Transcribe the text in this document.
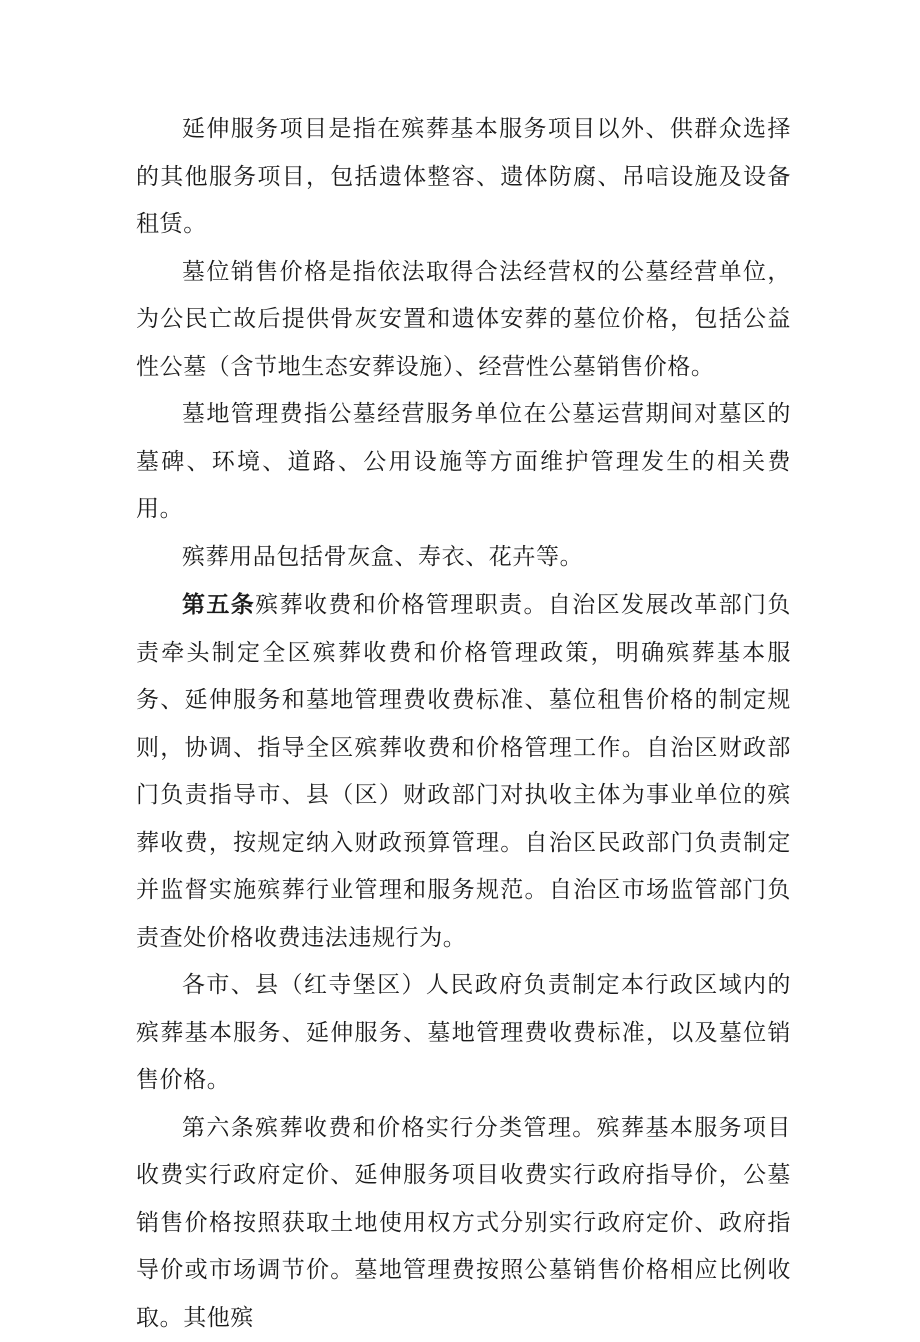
延伸服务项目是指在殡葬基本服务项目以外、供群众选择的其他服务项目，包括遗体整容、遗体防腐、吊唁设施及设备租赁。

墓位销售价格是指依法取得合法经营权的公墓经营单位，为公民亡故后提供骨灰安置和遗体安葬的墓位价格，包括公益性公墓（含节地生态安葬设施）、经营性公墓销售价格。

墓地管理费指公墓经营服务单位在公墓运营期间对墓区的墓碑、环境、道路、公用设施等方面维护管理发生的相关费用。

殡葬用品包括骨灰盒、寿衣、花卉等。

第五条殡葬收费和价格管理职责。自治区发展改革部门负责牵头制定全区殡葬收费和价格管理政策，明确殡葬基本服务、延伸服务和墓地管理费收费标准、墓位租售价格的制定规则，协调、指导全区殡葬收费和价格管理工作。自治区财政部门负责指导市、县（区）财政部门对执收主体为事业单位的殡葬收费，按规定纳入财政预算管理。自治区民政部门负责制定并监督实施殡葬行业管理和服务规范。自治区市场监管部门负责查处价格收费违法违规行为。

各市、县（红寺堡区）人民政府负责制定本行政区域内的殡葬基本服务、延伸服务、墓地管理费收费标准，以及墓位销售价格。

第六条殡葬收费和价格实行分类管理。殡葬基本服务项目收费实行政府定价、延伸服务项目收费实行政府指导价，公墓销售价格按照获取土地使用权方式分别实行政府定价、政府指导价或市场调节价。墓地管理费按照公墓销售价格相应比例收取。其他殡
